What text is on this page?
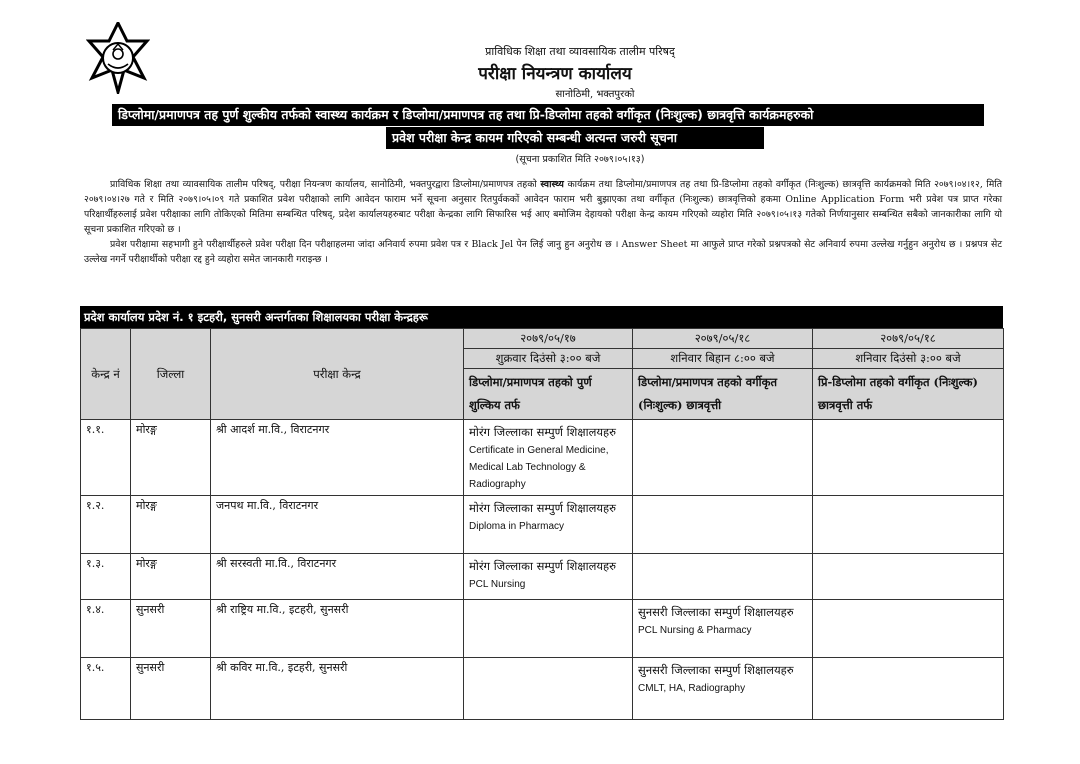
प्राविधिक शिक्षा तथा व्यावसायिक तालीम परिषद्
परीक्षा नियन्त्रण कार्यालय
सानोठिमी, भक्तपुरको
डिप्लोमा/प्रमाणपत्र तह पुर्ण शुल्कीय तर्फको स्वास्थ्य कार्यक्रम र डिप्लोमा/प्रमाणपत्र तह तथा प्रि-डिप्लोमा तहको वर्गीकृत (निःशुल्क) छात्रवृत्ति कार्यक्रमहरुको
प्रवेश परीक्षा केन्द्र कायम गरिएको सम्बन्धी अत्यन्त जरुरी सूचना
(सूचना प्रकाशित मिति २०७९।०५।१३)

प्राविधिक शिक्षा तथा व्यावसायिक तालीम परिषद्, परीक्षा नियन्त्रण कार्यालय, सानोठिमी, भक्तपुरद्वारा डिप्लोमा/प्रमाणपत्र तहको स्वास्थ्य कार्यक्रम तथा डिप्लोमा/प्रमाणपत्र तह तथा प्रि-डिप्लोमा तहको वर्गीकृत (निःशुल्क) छात्रवृत्ति कार्यक्रमको मिति २०७९।०४।१२, मिति २०७९।०४।२७ गते र मिति २०७९।०५।०९ गते प्रकाशित प्रवेश परीक्षाको लागि आवेदन फाराम भर्ने सूचना अनुसार रितपुर्वककों आवेदन फाराम भरी बुझाएका तथा वर्गीकृत (निःशुल्क) छात्रवृत्तिको हकमा Online Application Form भरी प्रवेश पत्र प्राप्त गरेका परिक्षार्थीहरुलाई प्रवेश परीक्षाका लागि तोकिएको मितिमा सम्बन्धित परिषद्, प्रदेश कार्यालयहरुबाट परीक्षा केन्द्रका लागि सिफारिस भई आए बमोजिम देहायको परीक्षा केन्द्र कायम गरिएको व्यहोरा मिति २०७९।०५।१३ गतेको निर्णयानुसार सम्बन्धित सबैको जानकारीका लागि यो सूचना प्रकाशित गरिएको छ ।

प्रवेश परीक्षामा सहभागी हुने परीक्षार्थीहरुले प्रवेश परीक्षा दिन परीक्षाहलमा जांदा अनिवार्य रुपमा प्रवेश पत्र र Black Jel पेन लिई जानु हुन अनुरोध छ । Answer Sheet मा आफुले प्राप्त गरेको प्रश्नपत्रको सेट अनिवार्य रुपमा उल्लेख गर्नुहुन अनुरोध छ । प्रश्नपत्र सेट उल्लेख नगर्ने परीक्षार्थीको परीक्षा रद्द हुने व्यहोरा समेत जानकारी गराइन्छ ।

प्रदेश कार्यालय प्रदेश नं. १ इटहरी, सुनसरी अन्तर्गतका शिक्षालयका परीक्षा केन्द्रहरू
केन्द्र नं	जिल्ला	परीक्षा केन्द्र	२०७९/०५/१७	२०७९/०५/१८	२०७९/०५/१८
			शुक्रवार दिउंसो ३:०० बजे	शनिवार बिहान ८:०० बजे	शनिवार दिउंसो ३:०० बजे
			डिप्लोमा/प्रमाणपत्र तहको पुर्ण शुल्किय तर्फ	डिप्लोमा/प्रमाणपत्र तहको वर्गीकृत (निःशुल्क) छात्रवृत्ती	प्रि-डिप्लोमा तहको वर्गीकृत (निःशुल्क) छात्रवृत्ती तर्फ
१.१.	मोरङ्ग	श्री आदर्श मा.वि., विराटनगर	मोरंग जिल्लाका सम्पुर्ण शिक्षालयहरु
Certificate in General Medicine, Medical Lab Technology & Radiography	

१.२.	मोरङ्ग	जनपथ मा.वि., विराटनगर	मोरंग जिल्लाका सम्पुर्ण शिक्षालयहरु
Diploma in Pharmacy	

१.३.	मोरङ्ग	श्री सरस्वती मा.वि., विराटनगर	मोरंग जिल्लाका सम्पुर्ण शिक्षालयहरु
PCL Nursing	

१.४.	सुनसरी	श्री राष्ट्रिय मा.वि., इटहरी, सुनसरी		सुनसरी जिल्लाका सम्पुर्ण शिक्षालयहरु
PCL Nursing & Pharmacy	
१.५.	सुनसरी	श्री कविर मा.वि., इटहरी, सुनसरी		सुनसरी जिल्लाका सम्पुर्ण शिक्षालयहरु
CMLT, HA, Radiography	
